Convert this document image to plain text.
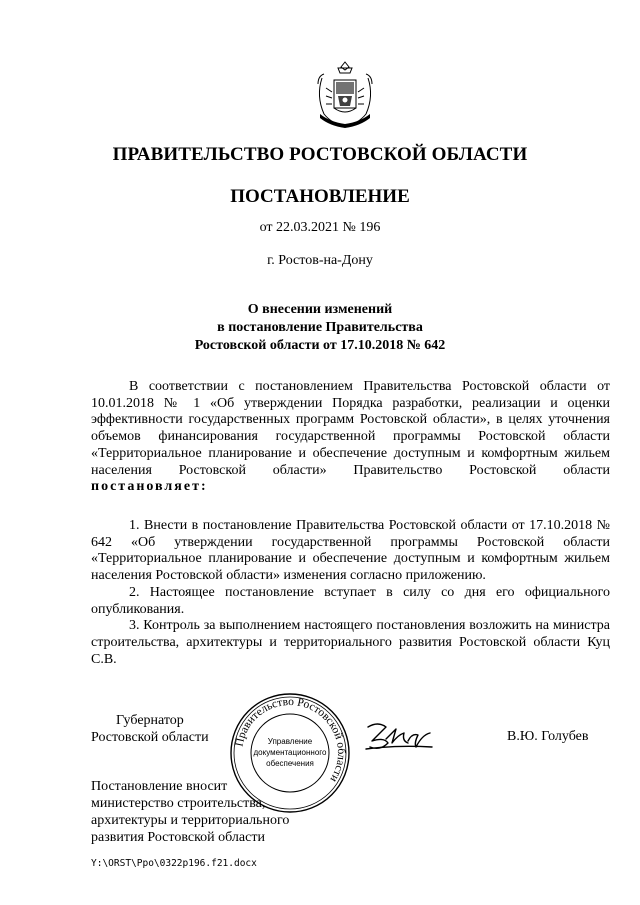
ПРАВИТЕЛЬСТВО РОСТОВСКОЙ ОБЛАСТИ
ПОСТАНОВЛЕНИЕ
от 22.03.2021 № 196
г. Ростов-на-Дону
О внесении изменений
в постановление Правительства
Ростовской области от 17.10.2018 № 642
В соответствии с постановлением Правительства Ростовской области от 10.01.2018 № 1 «Об утверждении Порядка разработки, реализации и оценки эффективности государственных программ Ростовской области», в целях уточнения объемов финансирования государственной программы Ростовской области «Территориальное планирование и обеспечение доступным и комфортным жильем населения Ростовской области» Правительство Ростовской области постановляет:

1. Внести в постановление Правительства Ростовской области от 17.10.2018 № 642 «Об утверждении государственной программы Ростовской области «Территориальное планирование и обеспечение доступным и комфортным жильем населения Ростовской области» изменения согласно приложению.

2. Настоящее постановление вступает в силу со дня его официального опубликования.

3. Контроль за выполнением настоящего постановления возложить на министра строительства, архитектуры и территориального развития Ростовской области Куц С.В.

Губернатор
Ростовской области Правительство Ростовской области
Управление
документационного
обеспечения
В.Ю. Голубев
Постановление вносит
министерство строительства,
архитектуры и территориального
развития Ростовской области
Y:\ORST\Ppo\0322p196.f21.docx
